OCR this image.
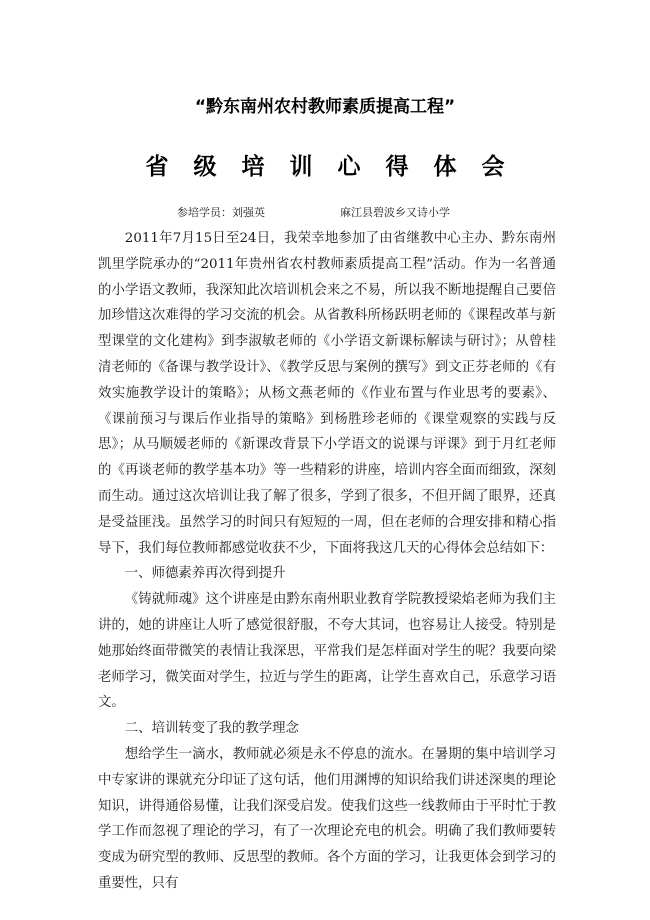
“黔东南州农村教师素质提高工程”
省级培训心得体会
参培学员：刘强英	麻江县碧波乡又诗小学

2011年7月15日至24日，我荣幸地参加了由省继教中心主办、黔东南州凯里学院承办的“2011年贵州省农村教师素质提高工程”活动。作为一名普通的小学语文教师，我深知此次培训机会来之不易，所以我不断地提醒自己要倍加珍惜这次难得的学习交流的机会。从省教科所杨跃明老师的《课程改革与新型课堂的文化建构》到李淑敏老师的《小学语文新课标解读与研讨》；从曾桂清老师的《备课与教学设计》、《教学反思与案例的撰写》到文正芬老师的《有效实施教学设计的策略》；从杨文燕老师的《作业布置与作业思考的要素》、《课前预习与课后作业指导的策略》到杨胜珍老师的《课堂观察的实践与反思》；从马顺媛老师的《新课改背景下小学语文的说课与评课》到于月红老师的《再谈老师的教学基本功》等一些精彩的讲座，培训内容全面而细致，深刻而生动。通过这次培训让我了解了很多，学到了很多，不但开阔了眼界，还真是受益匪浅。虽然学习的时间只有短短的一周，但在老师的合理安排和精心指导下，我们每位教师都感觉收获不少，下面将我这几天的心得体会总结如下：

一、师德素养再次得到提升

《铸就师魂》这个讲座是由黔东南州职业教育学院教授梁焰老师为我们主讲的，她的讲座让人听了感觉很舒服，不夸大其词，也容易让人接受。特别是她那始终面带微笑的表情让我深思，平常我们是怎样面对学生的呢？我要向梁老师学习，微笑面对学生，拉近与学生的距离，让学生喜欢自己，乐意学习语文。

二、培训转变了我的教学理念

想给学生一滴水，教师就必须是永不停息的流水。在暑期的集中培训学习中专家讲的课就充分印证了这句话，他们用渊博的知识给我们讲述深奥的理论知识，讲得通俗易懂，让我们深受启发。使我们这些一线教师由于平时忙于教学工作而忽视了理论的学习，有了一次理论充电的机会。明确了我们教师要转变成为研究型的教师、反思型的教师。各个方面的学习，让我更体会到学习的重要性，只有
